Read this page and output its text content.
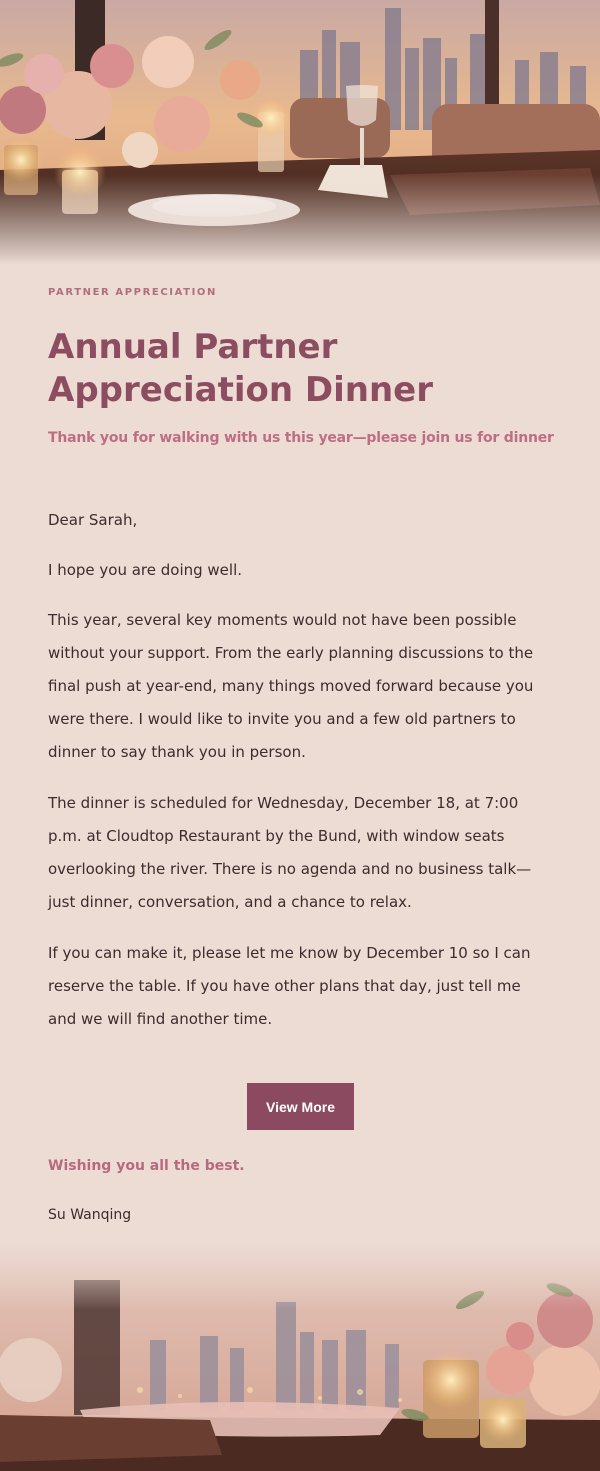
PARTNER APPRECIATION
Annual Partner Appreciation Dinner
Thank you for walking with us this year—please join us for dinner

Dear Sarah,

I hope you are doing well.

This year, several key moments would not have been possible without your support. From the early planning discussions to the final push at year-end, many things moved forward because you were there. I would like to invite you and a few old partners to dinner to say thank you in person.

The dinner is scheduled for Wednesday, December 18, at 7:00 p.m. at Cloudtop Restaurant by the Bund, with window seats overlooking the river. There is no agenda and no business talk—just dinner, conversation, and a chance to relax.

If you can make it, please let me know by December 10 so I can reserve the table. If you have other plans that day, just tell me and we will find another time.

View More
Wishing you all the best.
Su Wanqing
